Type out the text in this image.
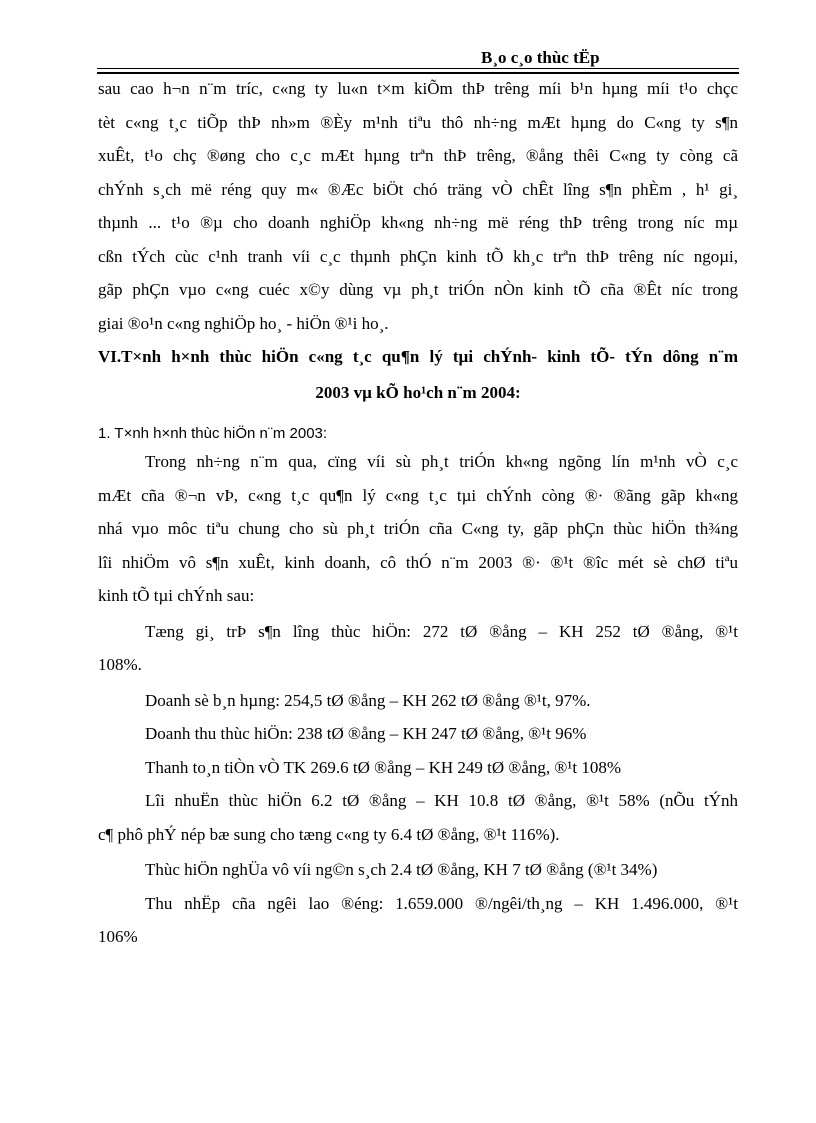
B¸o c¸o thùc tËp
sau cao h¬n n¨m tríc, c«ng ty lu«n t×m kiÕm thÞ trêng míi b¹n hµng míi t¹o chçc
tèt c«ng t¸c tiÕp thÞ nh»m ®Èy m¹nh tiªu thô nh÷ng mÆt hµng do C«ng ty s¶n
xuÊt, t¹o chç ®øng cho c¸c mÆt hµng trªn thÞ trêng, ®ång thêi C«ng ty còng cã
chÝnh s¸ch më réng quy m« ®Æc biÖt chó träng vÒ chÊt lîng s¶n phÈm , h¹ gi¸
thµnh ... t¹o ®µ cho doanh nghiÖp kh«ng nh÷ng më réng thÞ trêng trong níc mµ
cßn tÝch cùc c¹nh tranh víi c¸c thµnh phÇn kinh tÕ kh¸c trªn thÞ trêng níc ngoµi,
gãp phÇn vµo c«ng cuéc x©y dùng vµ ph¸t triÓn nÒn kinh tÕ cña ®Êt níc trong
giai ®o¹n c«ng nghiÖp ho¸ - hiÖn ®¹i ho¸.
VI.T×nh h×nh thùc hiÖn c«ng t¸c qu¶n lý tµi chÝnh- kinh tÕ- tÝn dông n¨m
2003 vµ kÕ ho¹ch n¨m 2004:
1. T×nh h×nh thùc hiÖn n¨m 2003:
Trong nh÷ng n¨m qua, cïng víi sù ph¸t triÓn kh«ng ngõng lín m¹nh vÒ c¸c
mÆt cña ®¬n vÞ, c«ng t¸c qu¶n lý c«ng t¸c tµi chÝnh còng ®· ®ãng gãp kh«ng
nhá vµo môc tiªu chung cho sù ph¸t triÓn cña C«ng ty, gãp phÇn thùc hiÖn th¾ng
lîi nhiÖm vô s¶n xuÊt, kinh doanh, cô thÓ n¨m 2003 ®· ®¹t ®îc mét sè chØ tiªu
kinh tÕ tµi chÝnh sau:
Tæng gi¸ trÞ s¶n lîng thùc hiÖn: 272 tØ ®ång – KH 252 tØ ®ång, ®¹t
108%.
Doanh sè b¸n hµng: 254,5 tØ ®ång – KH 262 tØ ®ång ®¹t, 97%.
Doanh thu thùc hiÖn: 238 tØ ®ång – KH 247 tØ ®ång, ®¹t 96%
Thanh to¸n tiÒn vÒ TK 269.6 tØ ®ång – KH 249 tØ ®ång, ®¹t 108%
Lîi nhuËn thùc hiÖn 6.2 tØ ®ång – KH 10.8 tØ ®ång, ®¹t 58% (nÕu tÝnh
c¶ phô phÝ nép bæ sung cho tæng c«ng ty 6.4 tØ ®ång, ®¹t 116%).
Thùc hiÖn nghÜa vô víi ng©n s¸ch 2.4 tØ ®ång, KH 7 tØ ®ång (®¹t 34%)
Thu nhËp cña ngêi lao ®éng: 1.659.000 ®/ngêi/th¸ng – KH 1.496.000, ®¹t
106%
